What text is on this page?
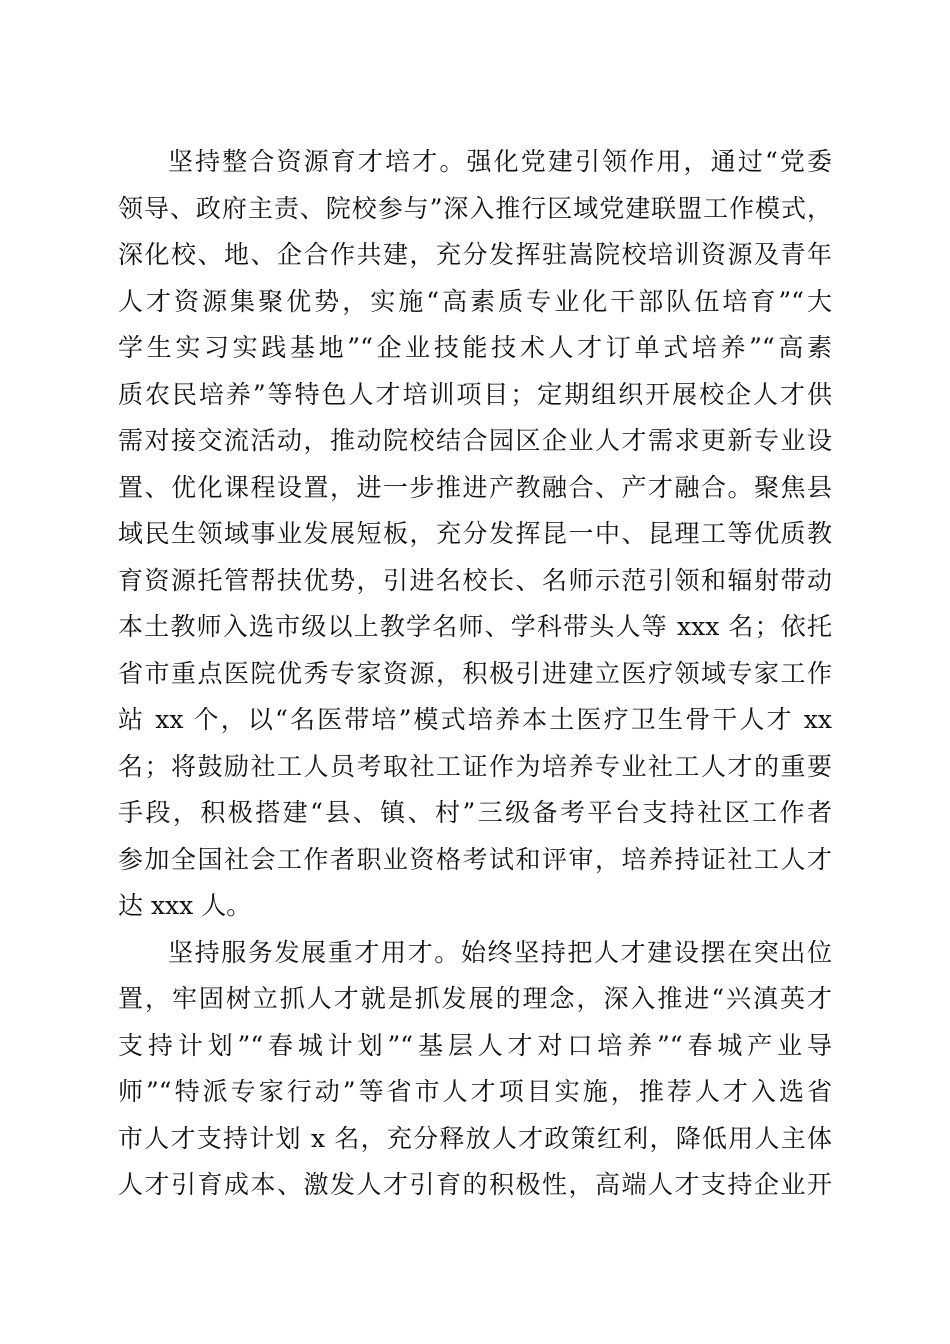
坚持整合资源育才培才。强化党建引领作用，通过“党委
领导、政府主责、院校参与”深入推行区域党建联盟工作模式，
深化校、地、企合作共建，充分发挥驻嵩院校培训资源及青年
人才资源集聚优势，实施“高素质专业化干部队伍培育”“大
学生实习实践基地”“企业技能技术人才订单式培养”“高素
质农民培养”等特色人才培训项目；定期组织开展校企人才供
需对接交流活动，推动院校结合园区企业人才需求更新专业设
置、优化课程设置，进一步推进产教融合、产才融合。聚焦县
域民生领域事业发展短板，充分发挥昆一中、昆理工等优质教
育资源托管帮扶优势，引进名校长、名师示范引领和辐射带动
本土教师入选市级以上教学名师、学科带头人等 xxx 名；依托
省市重点医院优秀专家资源，积极引进建立医疗领域专家工作
站 xx 个，以“名医带培”模式培养本土医疗卫生骨干人才 xx
名；将鼓励社工人员考取社工证作为培养专业社工人才的重要
手段，积极搭建“县、镇、村”三级备考平台支持社区工作者
参加全国社会工作者职业资格考试和评审，培养持证社工人才
达 xxx 人。
坚持服务发展重才用才。始终坚持把人才建设摆在突出位
置，牢固树立抓人才就是抓发展的理念，深入推进“兴滇英才
支持计划”“春城计划”“基层人才对口培养”“春城产业导
师”“特派专家行动”等省市人才项目实施，推荐人才入选省
市人才支持计划 x 名，充分释放人才政策红利，降低用人主体
人才引育成本、激发人才引育的积极性，高端人才支持企业开
